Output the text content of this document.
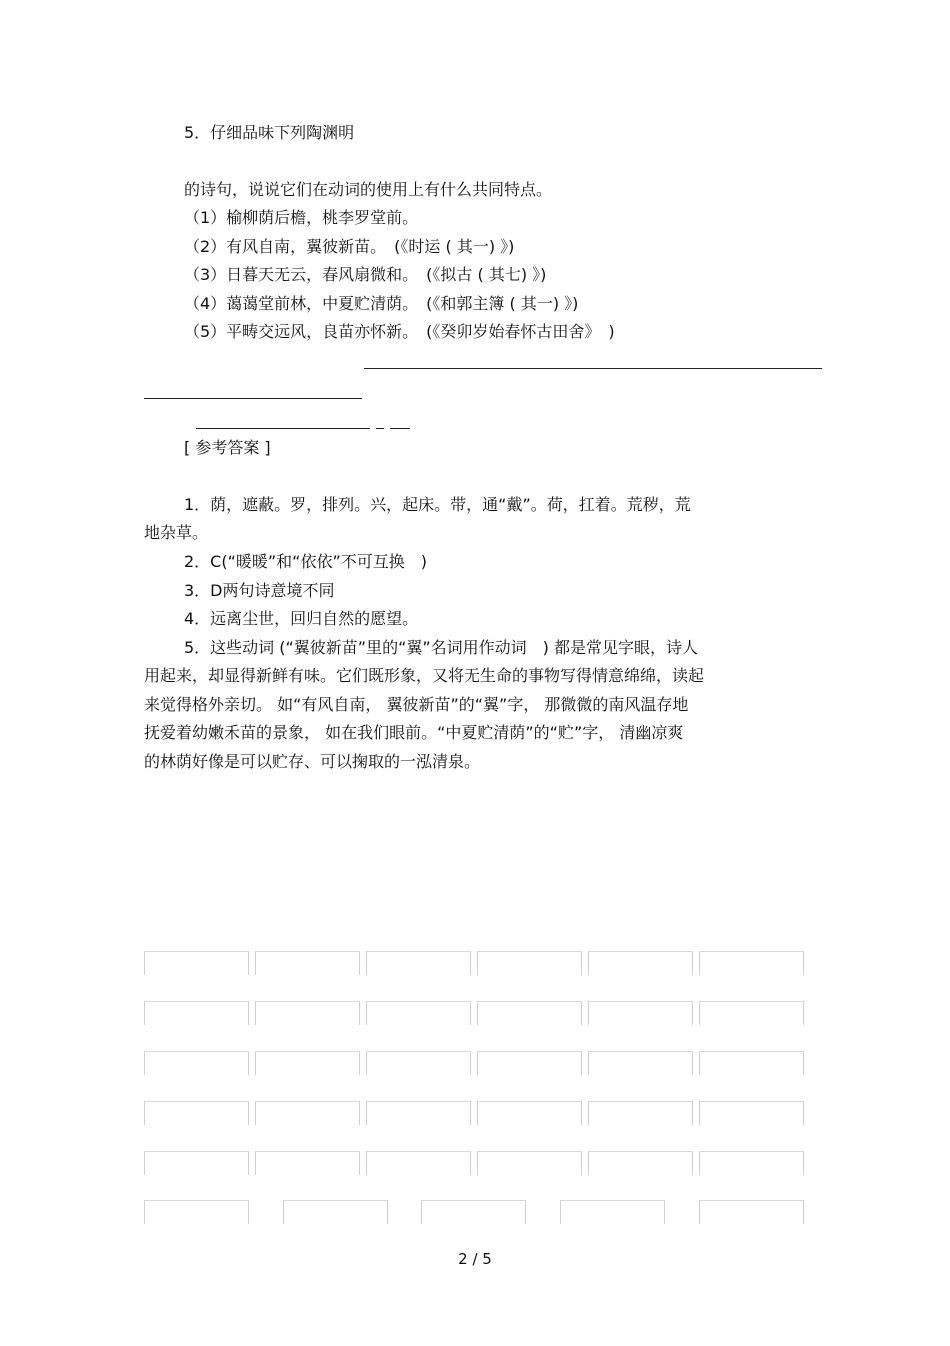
5．仔细品味下列陶渊明
的诗句，说说它们在动词的使用上有什么共同特点。
（1）榆柳荫后檐，桃李罗堂前。
（2）有风自南，翼彼新苗。　(《时运 ( 其一) 》)
（3）日暮天无云，春风扇微和。　(《拟古 ( 其七) 》)
（4）蔼蔼堂前林，中夏贮清荫。　(《和郭主簿 ( 其一) 》)
（5）平畴交远风，良苗亦怀新。　(《癸卯岁始春怀古田舍》　)
[ 参考答案 ]
1．荫，遮蔽。罗，排列。兴，起床。带，通“戴”。荷，扛着。荒秽，荒
地杂草。
2．C(“暖暖”和“依依”不可互换　)
3．D两句诗意境不同
4．远离尘世，回归自然的愿望。
5．这些动词 (“翼彼新苗”里的“翼”名词用作动词　) 都是常见字眼，诗人
用起来，却显得新鲜有味。它们既形象，又将无生命的事物写得情意绵绵，读起
来觉得格外亲切。 如“有风自南， 翼彼新苗”的“翼”字， 那微微的南风温存地
抚爱着幼嫩禾苗的景象， 如在我们眼前。“中夏贮清荫”的“贮”字， 清幽凉爽
的林荫好像是可以贮存、可以掬取的一泓清泉。
2 / 5
